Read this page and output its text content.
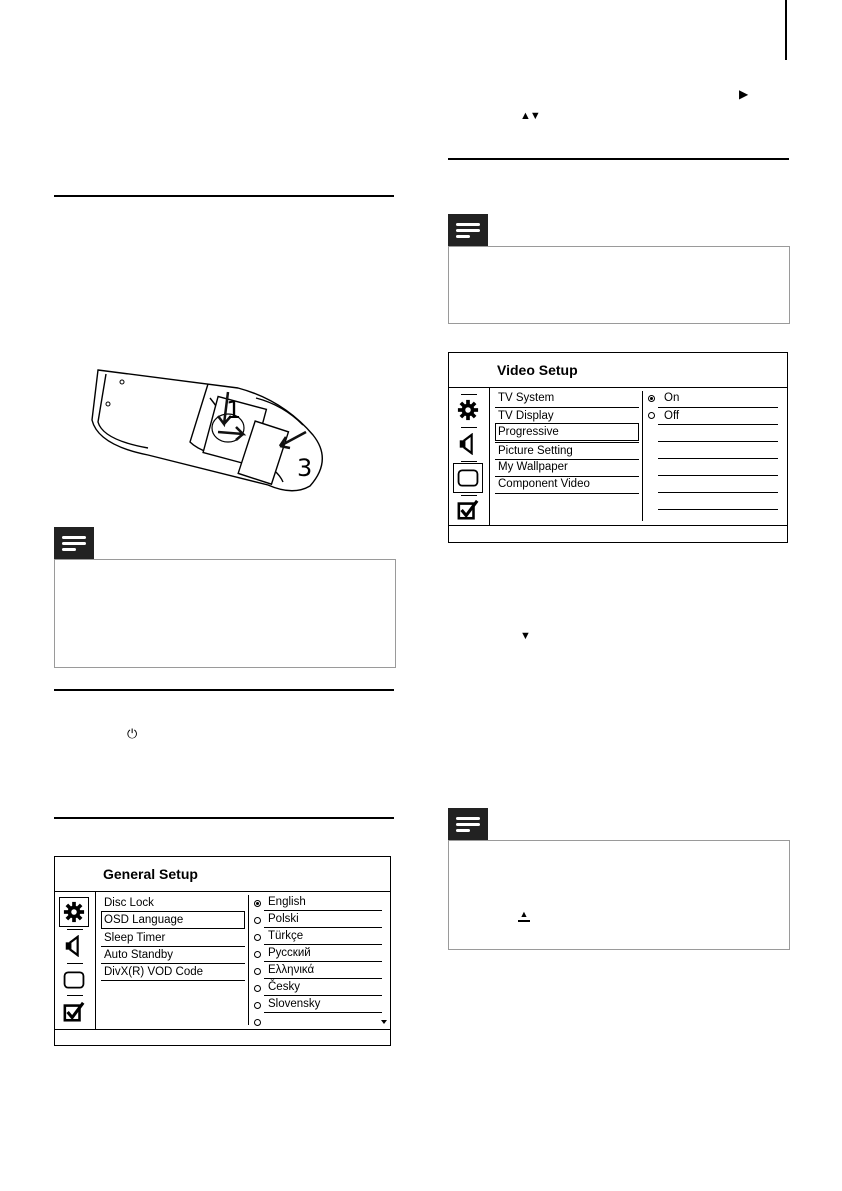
▶
▲▼
Video Setup
TV System
TV Display
Progressive
Picture Setting
My Wallpaper
Component Video
On
Off
▼
▲
1
3
⏻
General Setup
Disc Lock
OSD Language
Sleep Timer
Auto Standby
DivX(R) VOD Code
English
Polski
Türkçe
Русский
Ελληνικά
Česky
Slovensky
